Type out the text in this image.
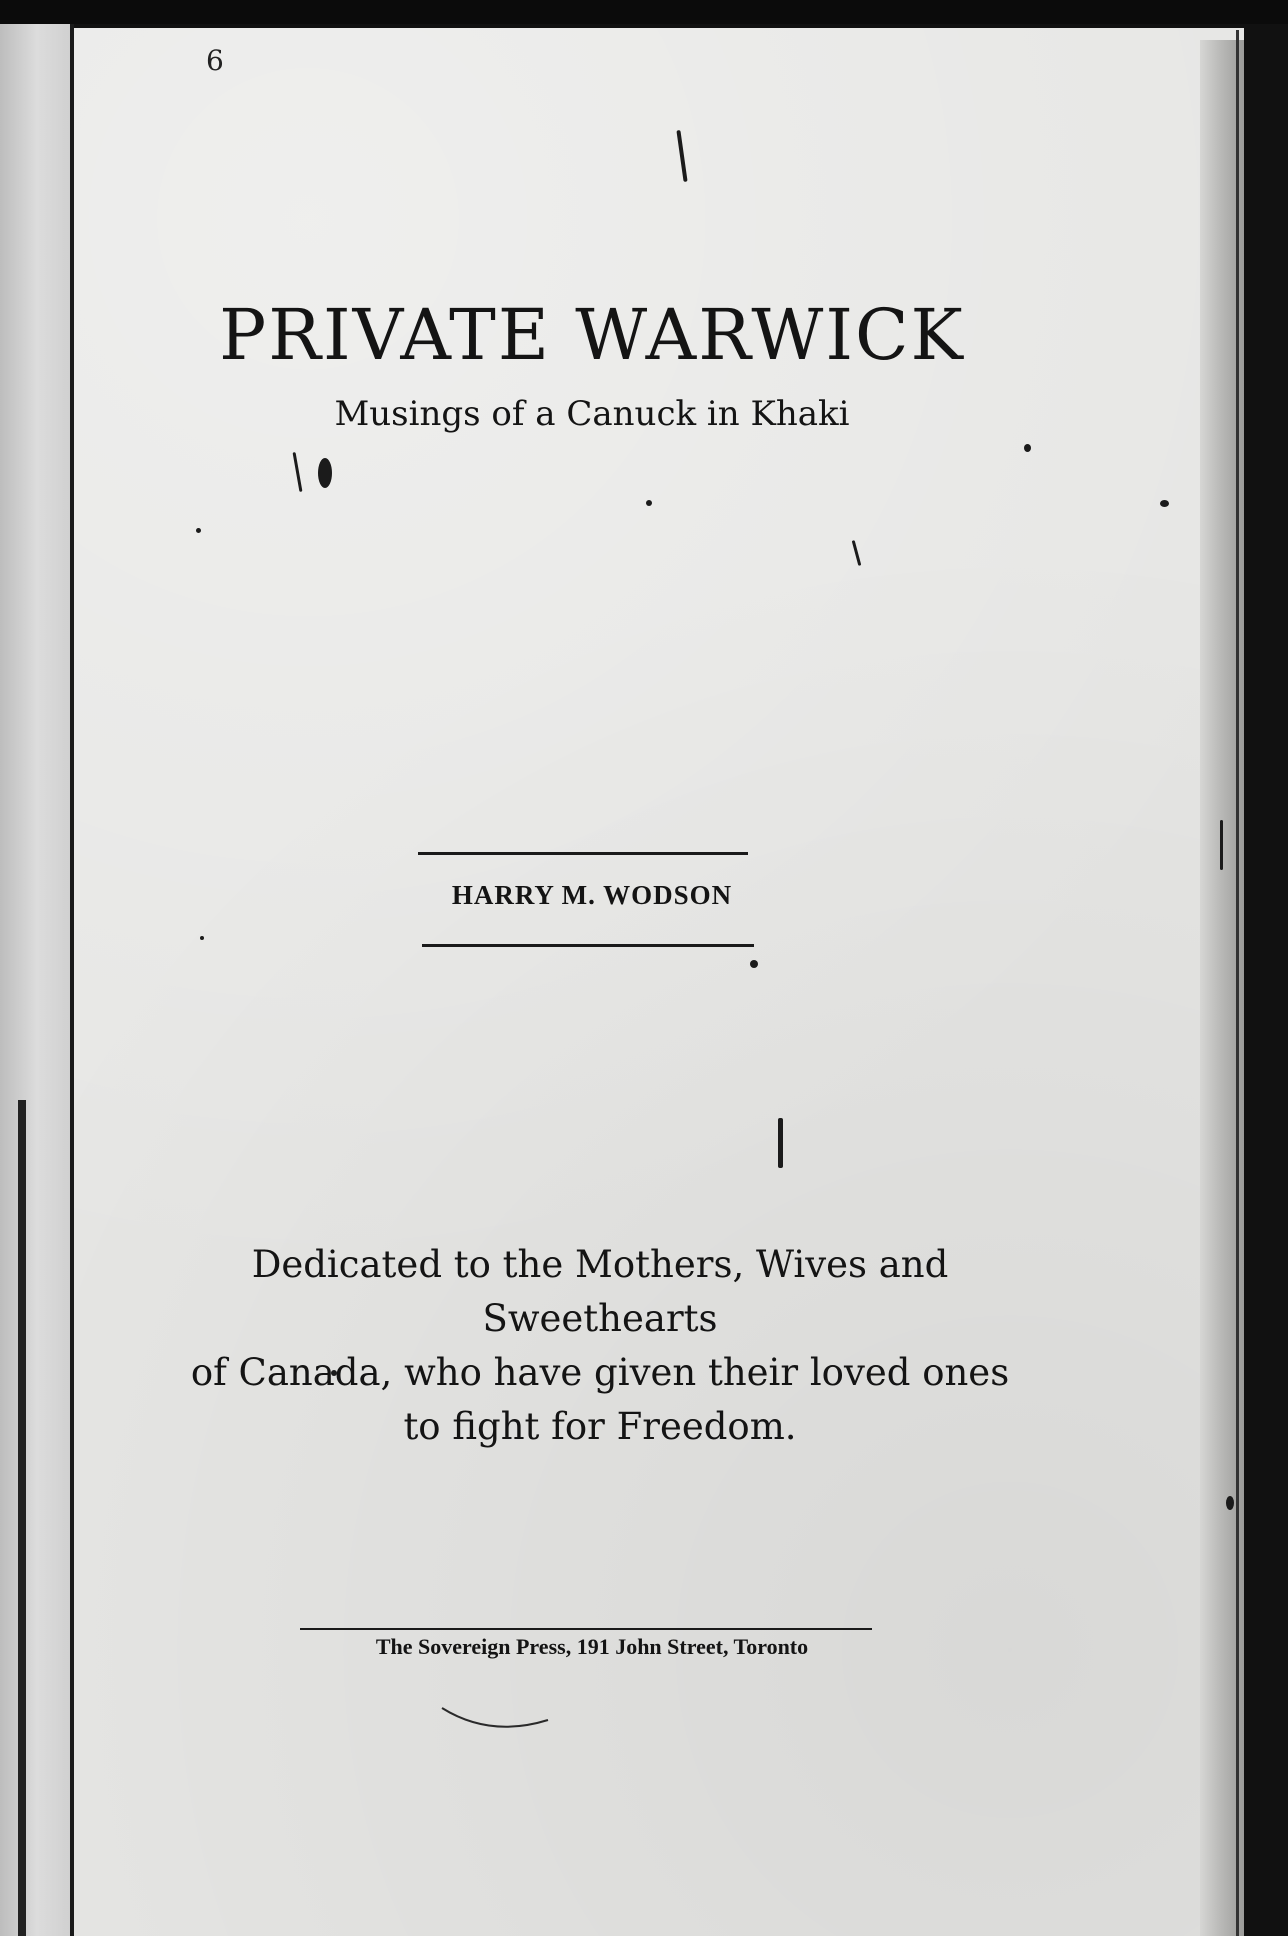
6
PRIVATE WARWICK
Musings of a Canuck in Khaki
HARRY M. WODSON
Dedicated to the Mothers, Wives and Sweethearts
of Canada, who have given their loved ones
to fight for Freedom.
The Sovereign Press, 191 John Street, Toronto
